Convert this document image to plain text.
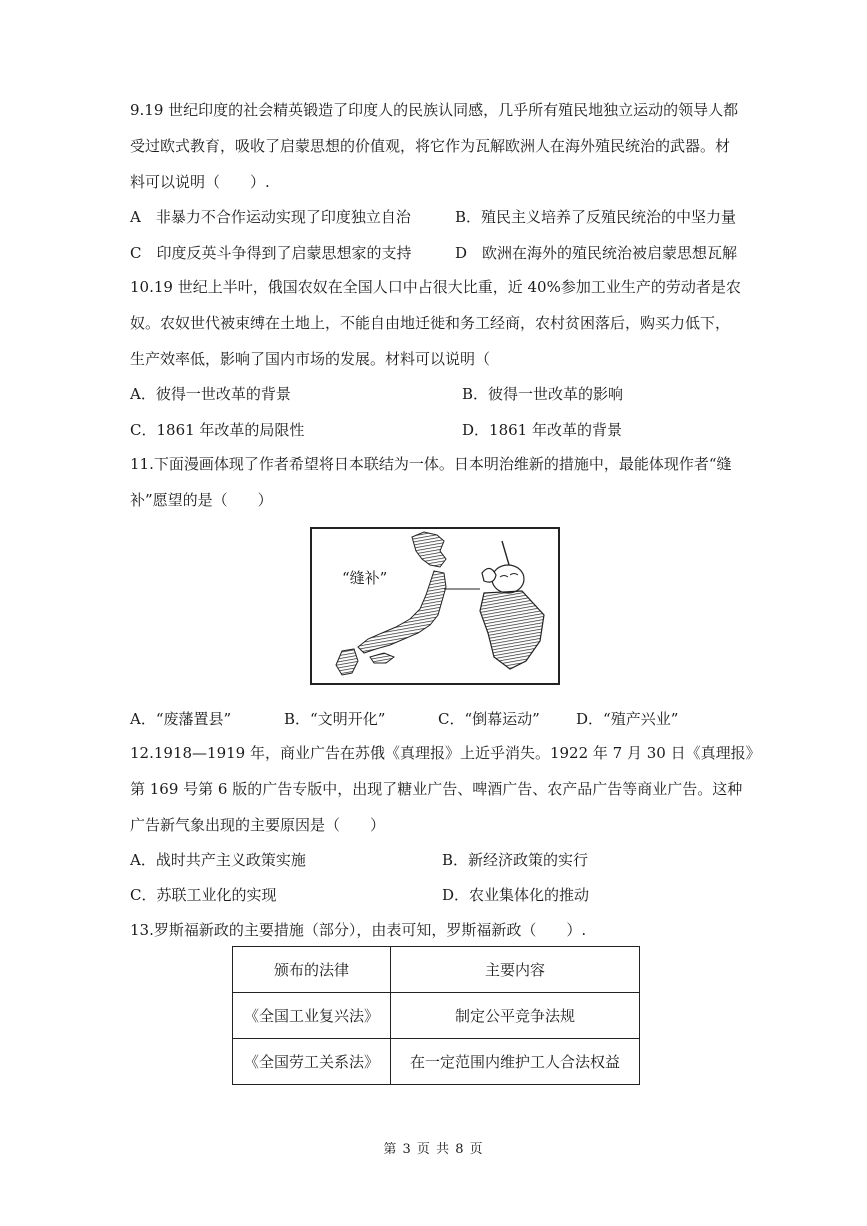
9.19 世纪印度的社会精英锻造了印度人的民族认同感，几乎所有殖民地独立运动的领导人都
受过欧式教育，吸收了启蒙思想的价值观，将它作为瓦解欧洲人在海外殖民统治的武器。材
料可以说明（　　）.
A　非暴力不合作运动实现了印度独立自治	B．殖民主义培养了反殖民统治的中坚力量
C　印度反英斗争得到了启蒙思想家的支持	D　欧洲在海外的殖民统治被启蒙思想瓦解
10.19 世纪上半叶，俄国农奴在全国人口中占很大比重，近 40%参加工业生产的劳动者是农
奴。农奴世代被束缚在土地上，不能自由地迁徙和务工经商，农村贫困落后，购买力低下，
生产效率低，影响了国内市场的发展。材料可以说明（
A．彼得一世改革的背景	B．彼得一世改革的影响
C．1861 年改革的局限性	D．1861 年改革的背景
11.下面漫画体现了作者希望将日本联结为一体。日本明治维新的措施中，最能体现作者“缝
补”愿望的是（　　）
“缝补”
A．“废藩置县”	B．“文明开化”	C．“倒幕运动” D．“殖产兴业”
12.1918—1919 年，商业广告在苏俄《真理报》上近乎消失。1922 年 7 月 30 日《真理报》
第 169 号第 6 版的广告专版中，出现了糖业广告、啤酒广告、农产品广告等商业广告。这种
广告新气象出现的主要原因是（　　）
A．战时共产主义政策实施	B．新经济政策的实行
C．苏联工业化的实现	D．农业集体化的推动
13.罗斯福新政的主要措施（部分），由表可知，罗斯福新政（　　）.
颁布的法律	主要内容
《全国工业复兴法》	制定公平竞争法规
《全国劳工关系法》	在一定范围内维护工人合法权益
第 3 页 共 8 页
